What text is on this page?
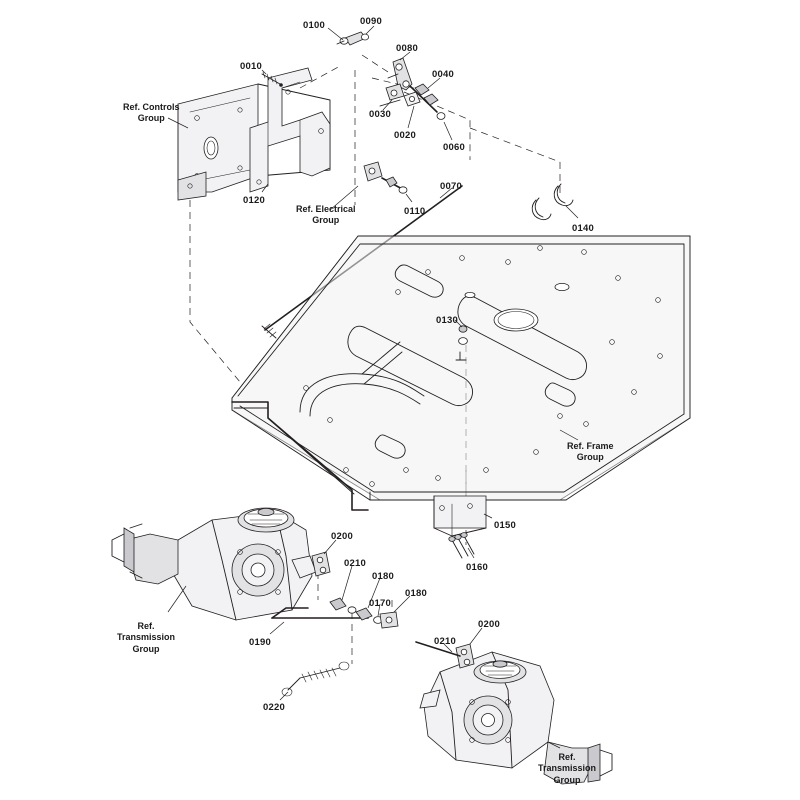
0100	0090
0080
0040
0010
0030
0020
0060
0120
0110
0070
0140
0130
0150
0160
0200
0210
0180
0170
0180
0190	0210
0200
0220
Ref. Controls
Group
Ref. Electrical
Group
Ref. Frame
Group
Ref.
Transmission
Group
Ref.
Transmission
Group
